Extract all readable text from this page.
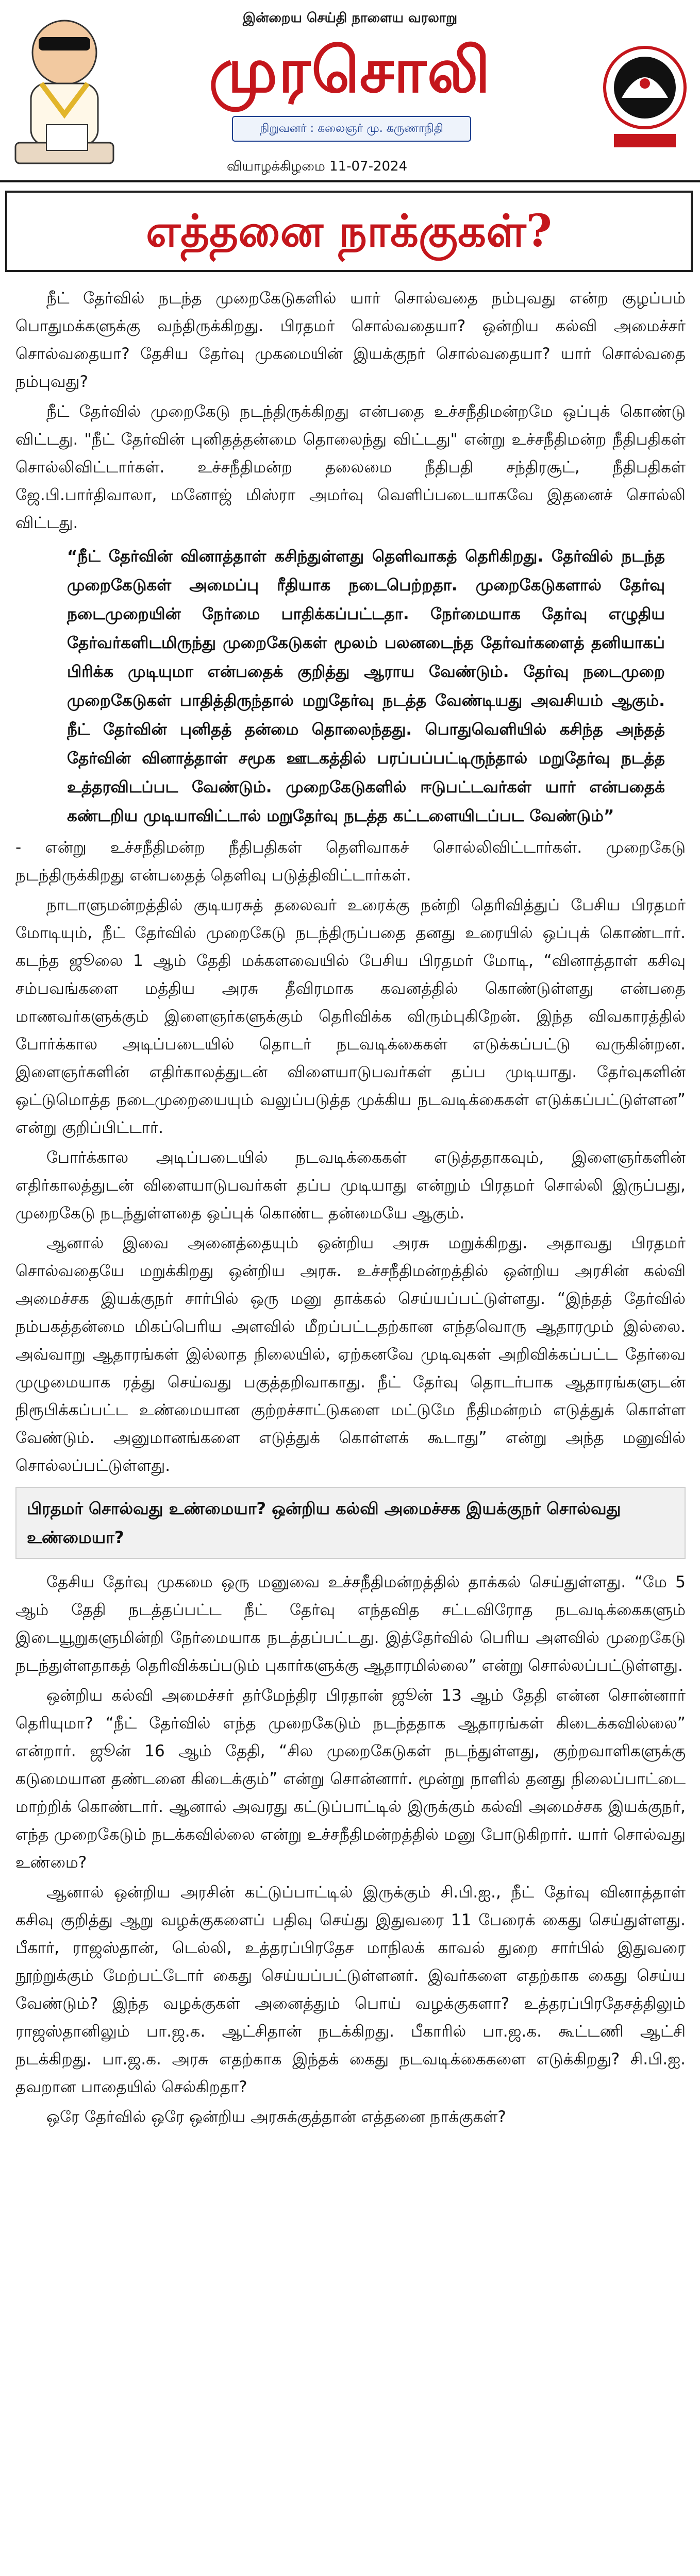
இன்றைய செய்தி நாளைய வரலாறு
முரசொலி
நிறுவனர் : கலைஞர் மு. கருணாநிதி
வியாழக்கிழமை 11-07-2024
எத்தனை நாக்குகள்?

நீட் தேர்வில் நடந்த முறைகேடுகளில் யார் சொல்வதை நம்புவது என்ற குழப்பம் பொதுமக்களுக்கு வந்திருக்கிறது. பிரதமர் சொல்வதையா? ஒன்றிய கல்வி அமைச்சர் சொல்வதையா? தேசிய தேர்வு முகமையின் இயக்குநர் சொல்வதையா? யார் சொல்வதை நம்புவது?

நீட் தேர்வில் முறைகேடு நடந்திருக்கிறது என்பதை உச்சநீதிமன்றமே ஒப்புக் கொண்டு விட்டது. "நீட் தேர்வின் புனிதத்தன்மை தொலைந்து விட்டது" என்று உச்சநீதிமன்ற நீதிபதிகள் சொல்லிவிட்டார்கள். உச்சநீதிமன்ற தலைமை நீதிபதி சந்திரசூட், நீதிபதிகள் ஜே.பி.பார்திவாலா, மனோஜ் மிஸ்ரா அமர்வு வெளிப்படையாகவே இதனைச் சொல்லி விட்டது.

“நீட் தேர்வின் வினாத்தாள் கசிந்துள்ளது தெளிவாகத் தெரிகிறது. தேர்வில் நடந்த முறைகேடுகள் அமைப்பு ரீதியாக நடைபெற்றதா. முறைகேடுகளால் தேர்வு நடைமுறையின் நேர்மை பாதிக்கப்பட்டதா. நேர்மையாக தேர்வு எழுதிய தேர்வர்களிடமிருந்து முறைகேடுகள் மூலம் பலனடைந்த தேர்வர்களைத் தனியாகப் பிரிக்க முடியுமா என்பதைக் குறித்து ஆராய வேண்டும். தேர்வு நடைமுறை முறைகேடுகள் பாதித்திருந்தால் மறுதேர்வு நடத்த வேண்டியது அவசியம் ஆகும். நீட் தேர்வின் புனிதத் தன்மை தொலைந்தது. பொதுவெளியில் கசிந்த அந்தத் தேர்வின் வினாத்தாள் சமூக ஊடகத்தில் பரப்பப்பட்டிருந்தால் மறுதேர்வு நடத்த உத்தரவிடப்பட வேண்டும். முறைகேடுகளில் ஈடுபட்டவர்கள் யார் என்பதைக் கண்டறிய முடியாவிட்டால் மறுதேர்வு நடத்த கட்டளையிடப்பட வேண்டும்”

- என்று உச்சநீதிமன்ற நீதிபதிகள் தெளிவாகச் சொல்லிவிட்டார்கள். முறைகேடு நடந்திருக்கிறது என்பதைத் தெளிவு படுத்திவிட்டார்கள்.

நாடாளுமன்றத்தில் குடியரசுத் தலைவர் உரைக்கு நன்றி தெரிவித்துப் பேசிய பிரதமர் மோடியும், நீட் தேர்வில் முறைகேடு நடந்திருப்பதை தனது உரையில் ஒப்புக் கொண்டார். கடந்த ஜூலை 1 ஆம் தேதி மக்களவையில் பேசிய பிரதமர் மோடி, “வினாத்தாள் கசிவு சம்பவங்களை மத்திய அரசு தீவிரமாக கவனத்தில் கொண்டுள்ளது என்பதை மாணவர்களுக்கும் இளைஞர்களுக்கும் தெரிவிக்க விரும்புகிறேன். இந்த விவகாரத்தில் போர்க்கால அடிப்படையில் தொடர் நடவடிக்கைகள் எடுக்கப்பட்டு வருகின்றன. இளைஞர்களின் எதிர்காலத்துடன் விளையாடுபவர்கள் தப்ப முடியாது. தேர்வுகளின் ஒட்டுமொத்த நடைமுறையையும் வலுப்படுத்த முக்கிய நடவடிக்கைகள் எடுக்கப்பட்டுள்ளன” என்று குறிப்பிட்டார்.

போர்க்கால அடிப்படையில் நடவடிக்கைகள் எடுத்ததாகவும், இளைஞர்களின் எதிர்காலத்துடன் விளையாடுபவர்கள் தப்ப முடியாது என்றும் பிரதமர் சொல்லி இருப்பது, முறைகேடு நடந்துள்ளதை ஒப்புக் கொண்ட தன்மையே ஆகும்.

ஆனால் இவை அனைத்தையும் ஒன்றிய அரசு மறுக்கிறது. அதாவது பிரதமர் சொல்வதையே மறுக்கிறது ஒன்றிய அரசு. உச்சநீதிமன்றத்தில் ஒன்றிய அரசின் கல்வி அமைச்சக இயக்குநர் சார்பில் ஒரு மனு தாக்கல் செய்யப்பட்டுள்ளது. “இந்தத் தேர்வில் நம்பகத்தன்மை மிகப்பெரிய அளவில் மீறப்பட்டதற்கான எந்தவொரு ஆதாரமும் இல்லை. அவ்வாறு ஆதாரங்கள் இல்லாத நிலையில், ஏற்கனவே முடிவுகள் அறிவிக்கப்பட்ட தேர்வை முழுமையாக ரத்து செய்வது பகுத்தறிவாகாது. நீட் தேர்வு தொடர்பாக ஆதாரங்களுடன் நிரூபிக்கப்பட்ட உண்மையான குற்றச்சாட்டுகளை மட்டுமே நீதிமன்றம் எடுத்துக் கொள்ள வேண்டும். அனுமானங்களை எடுத்துக் கொள்ளக் கூடாது” என்று அந்த மனுவில் சொல்லப்பட்டுள்ளது.

பிரதமர் சொல்வது உண்மையா? ஒன்றிய கல்வி அமைச்சக இயக்குநர் சொல்வது உண்மையா?

தேசிய தேர்வு முகமை ஒரு மனுவை உச்சநீதிமன்றத்தில் தாக்கல் செய்துள்ளது. “மே 5 ஆம் தேதி நடத்தப்பட்ட நீட் தேர்வு எந்தவித சட்டவிரோத நடவடிக்கைகளும் இடையூறுகளுமின்றி நேர்மையாக நடத்தப்பட்டது. இத்தேர்வில் பெரிய அளவில் முறைகேடு நடந்துள்ளதாகத் தெரிவிக்கப்படும் புகார்களுக்கு ஆதாரமில்லை” என்று சொல்லப்பட்டுள்ளது.

ஒன்றிய கல்வி அமைச்சர் தர்மேந்திர பிரதான் ஜூன் 13 ஆம் தேதி என்ன சொன்னார் தெரியுமா? “நீட் தேர்வில் எந்த முறைகேடும் நடந்ததாக ஆதாரங்கள் கிடைக்கவில்லை” என்றார். ஜூன் 16 ஆம் தேதி, “சில முறைகேடுகள் நடந்துள்ளது, குற்றவாளிகளுக்கு கடுமையான தண்டனை கிடைக்கும்” என்று சொன்னார். மூன்று நாளில் தனது நிலைப்பாட்டை மாற்றிக் கொண்டார். ஆனால் அவரது கட்டுப்பாட்டில் இருக்கும் கல்வி அமைச்சக இயக்குநர், எந்த முறைகேடும் நடக்கவில்லை என்று உச்சநீதிமன்றத்தில் மனு போடுகிறார். யார் சொல்வது உண்மை?

ஆனால் ஒன்றிய அரசின் கட்டுப்பாட்டில் இருக்கும் சி.பி.ஐ., நீட் தேர்வு வினாத்தாள் கசிவு குறித்து ஆறு வழக்குகளைப் பதிவு செய்து இதுவரை 11 பேரைக் கைது செய்துள்ளது. பீகார், ராஜஸ்தான், டெல்லி, உத்தரப்பிரதேச மாநிலக் காவல் துறை சார்பில் இதுவரை நூற்றுக்கும் மேற்பட்டோர் கைது செய்யப்பட்டுள்ளனர். இவர்களை எதற்காக கைது செய்ய வேண்டும்? இந்த வழக்குகள் அனைத்தும் பொய் வழக்குகளா? உத்தரப்பிரதேசத்திலும் ராஜஸ்தானிலும் பா.ஜ.க. ஆட்சிதான் நடக்கிறது. பீகாரில் பா.ஜ.க. கூட்டணி ஆட்சி நடக்கிறது. பா.ஜ.க. அரசு எதற்காக இந்தக் கைது நடவடிக்கைகளை எடுக்கிறது? சி.பி.ஐ. தவறான பாதையில் செல்கிறதா?

ஒரே தேர்வில் ஒரே ஒன்றிய அரசுக்குத்தான் எத்தனை நாக்குகள்?
